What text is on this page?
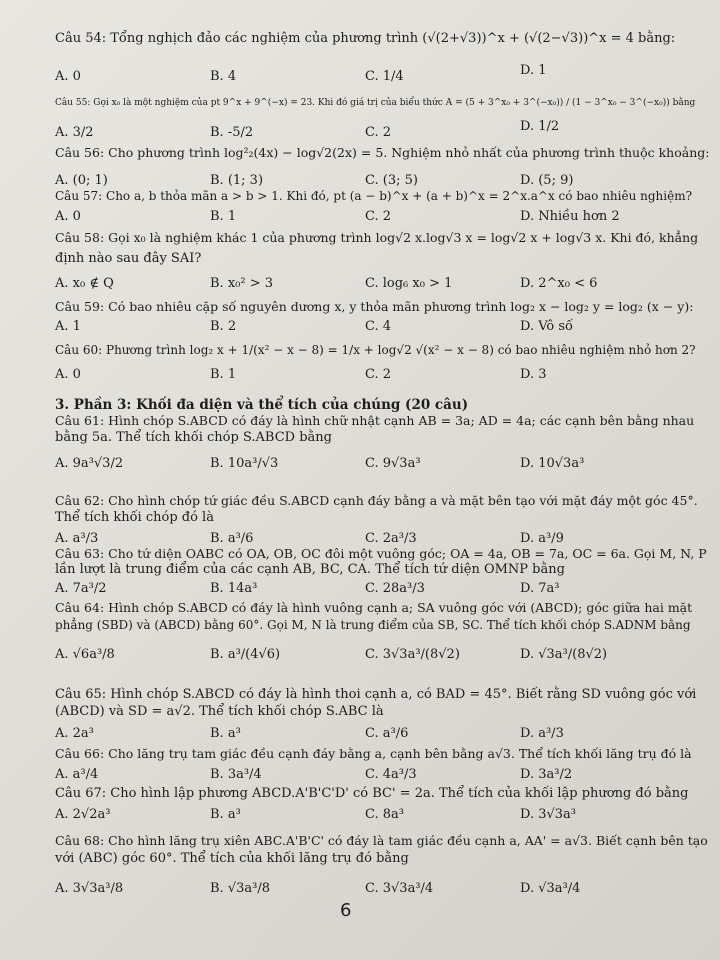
Câu 54: Tổng nghịch đảo các nghiệm của phương trình (√(2+√3))^x + (√(2−√3))^x = 4 bằng:
A. 0	B. 4	C. 1/4	D. 1
Câu 55: Gọi x₀ là một nghiệm của pt 9^x + 9^(−x) = 23. Khi đó giá trị của biểu thức A = (5 + 3^x₀ + 3^(−x₀)) / (1 − 3^x₀ − 3^(−x₀)) bằng
A. 3/2	B. -5/2	C. 2	D. 1/2
Câu 56: Cho phương trình log²₂(4x) − log√2(2x) = 5. Nghiệm nhỏ nhất của phương trình thuộc khoảng:
A. (0; 1)	B. (1; 3)	C. (3; 5)	D. (5; 9)
Câu 57: Cho a, b thỏa mãn a > b > 1. Khi đó, pt (a − b)^x + (a + b)^x = 2^x.a^x có bao nhiêu nghiệm?
A. 0	B. 1	C. 2	D. Nhiều hơn 2
Câu 58: Gọi x₀ là nghiệm khác 1 của phương trình log√2 x.log√3 x = log√2 x + log√3 x. Khi đó, khẳng
định nào sau đây SAI?
A. x₀ ∉ Q	B. x₀² > 3	C. log₆ x₀ > 1	D. 2^x₀ < 6
Câu 59: Có bao nhiêu cặp số nguyên dương x, y thỏa mãn phương trình log₂ x − log₂ y = log₂ (x − y):
A. 1	B. 2	C. 4	D. Vô số
Câu 60: Phương trình log₂ x + 1/(x² − x − 8) = 1/x + log√2 √(x² − x − 8) có bao nhiêu nghiệm nhỏ hơn 2?
A. 0	B. 1	C. 2	D. 3
3. Phần 3: Khối đa diện và thể tích của chúng (20 câu)
Câu 61: Hình chóp S.ABCD có đáy là hình chữ nhật cạnh AB = 3a; AD = 4a; các cạnh bên bằng nhau
bằng 5a. Thể tích khối chóp S.ABCD bằng
A. 9a³√3/2	B. 10a³/√3	C. 9√3a³	D. 10√3a³
Câu 62: Cho hình chóp tứ giác đều S.ABCD cạnh đáy bằng a và mặt bên tạo với mặt đáy một góc 45°.
Thể tích khối chóp đó là
A. a³/3	B. a³/6	C. 2a³/3	D. a³/9
Câu 63: Cho tứ diện OABC có OA, OB, OC đôi một vuông góc; OA = 4a, OB = 7a, OC = 6a. Gọi M, N, P
lần lượt là trung điểm của các cạnh AB, BC, CA. Thể tích tứ diện OMNP bằng
A. 7a³/2	B. 14a³	C. 28a³/3	D. 7a³
Câu 64: Hình chóp S.ABCD có đáy là hình vuông cạnh a; SA vuông góc với (ABCD); góc giữa hai mặt
phẳng (SBD) và (ABCD) bằng 60°. Gọi M, N là trung điểm của SB, SC. Thể tích khối chóp S.ADNM bằng
A. √6a³/8	B. a³/(4√6)	C. 3√3a³/(8√2)	D. √3a³/(8√2)
Câu 65: Hình chóp S.ABCD có đáy là hình thoi cạnh a, có BAD = 45°. Biết rằng SD vuông góc với
(ABCD) và SD = a√2. Thể tích khối chóp S.ABC là
A. 2a³	B. a³	C. a³/6	D. a³/3
Câu 66: Cho lăng trụ tam giác đều cạnh đáy bằng a, cạnh bên bằng a√3. Thể tích khối lăng trụ đó là
A. a³/4	B. 3a³/4	C. 4a³/3	D. 3a³/2
Câu 67: Cho hình lập phương ABCD.A'B'C'D' có BC' = 2a. Thể tích của khối lập phương đó bằng
A. 2√2a³	B. a³	C. 8a³	D. 3√3a³
Câu 68: Cho hình lăng trụ xiên ABC.A'B'C' có đáy là tam giác đều cạnh a, AA' = a√3. Biết cạnh bên tạo
với (ABC) góc 60°. Thể tích của khối lăng trụ đó bằng
A. 3√3a³/8	B. √3a³/8	C. 3√3a³/4	D. √3a³/4
6
